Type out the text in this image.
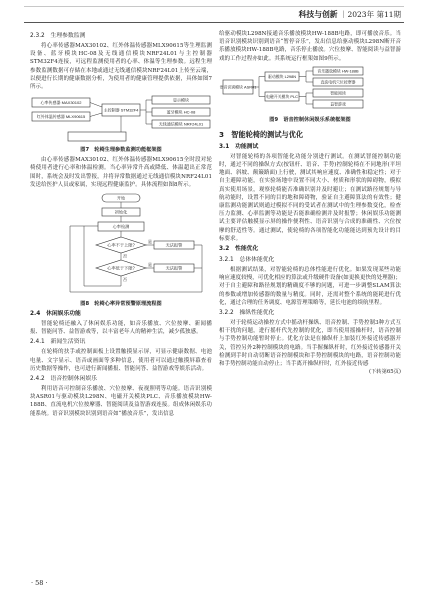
科技与创新 ｜2023年 第11期
2.3.2　生理参数监测

将心率传感器MAX30102、红外体温传感器MLX90615等生理监测设备、蓝牙模块HC-08及无线通信模块NRF24L01与主控制器STM32F4连接，可远程监测使用者的心率、体温等生理参数。远程生理参数监测数据可存储在本地或通过无线通信模块NRF24L01上传至云端，以便进行长期的健康数据分析，为使用者的健康管理提供依据，具体如图7所示。

心率传感器 MAX30102
红外体温传感器 MLX90615
主控制器 STM32F4
显示模块
蓝牙模块 HC-08
无线通信模块 NRF24L01
图7　轮椅生理参数监测功能框架图

由心率传感器MAX30102、红外体温传感器MLX90615全时段对轮椅使用者进行心率和体温检测。当心率异常升高或降低、体温超出正常范围时，系统会及时发出警报，并将异常数据通过无线通信模块NRF24L01发送给医护人员或家属，实现远程健康监护。具体流程如图8所示。

开始
初始化
心率检测
心率不于上限?	无法报警
心率低于下限?	无法报警
是
是
否
否
图8　轮椅心率异常预警原理流程图
2.4　休闲娱乐功能

智能轮椅还融入了休闲娱乐功能，如音乐播放、穴位按摩、新闻播报、智能问答、益智游戏等，以丰富老年人的精神生活，减少孤独感。

2.4.1　新闻生活资讯

在轮椅的扶手或控制面板上设置触摸显示屏，可显示健康数据、电池电量、文字显示、语音或画面等多种信息，使用者可以通过触摸屏幕查看历史数据等操作，也可进行新闻播报、智能问答、益智游戏等娱乐活动。

2.4.2　语音控制休闲娱乐

利用语音可控制音乐播放、穴位按摩、夜视照明等功能。语音识别模块ASR01与驱动模块L298N、电磁开关模块PLC、音乐播放模块HW-188B、直流电机穴位按摩器、智能阅读及益智游戏连接。组成休闲娱乐功能系统。语音识别模块识别到语音如“播放音乐”，发出信息

给驱动模块L298N接通音乐播放模块HW-188B电路，即可播放音乐。当语音识别模块识别到语音“暂停音乐”，发出信息给驱动模块L298N断开音乐播放模块HW-188B电路，音乐停止播放。穴位按摩、智能阅读与益智游戏的工作过程亦如此。其系统运行框架如图9所示。

语音识别模块 ASR01
驱动模块 L298N
电磁开关模块 PLC
音乐播放模块 HW-188B
直流电机穴位按摩器
智能阅读
益智游戏
图9　语音控制休闲娱乐系统框架图
3　智能轮椅的测试与优化
3.1　功能测试

对智能轮椅的各项智能化功能分别进行测试。在测试智能控制功能时，通过不同的操纵方式(按钮杆、语音、手势)控制轮椅在不同地形(平坦地面、斜坡、颠簸路面)上行驶，测试其响应速度、准确性和稳定性；对于自主避障功能，在实验场地中设置不同大小、材质和形状的障碍物，模拟真实使用场景，观察轮椅能否准确识别并及时避让；在测试路径规划与导航功能时，设置不同的目的地和障碍物，验证自主避障算法的有效性；健康监测功能测试则通过模拟不同的受试者在测试中的生理参数变化，检查压力监测、心率监测等功能是否能准确检测并及时报警；休闲娱乐功能测试主要评估触摸显示屏的操作便利性、语音识别与合成的准确性、穴位按摩的舒适性等。通过测试，使轮椅的各项智能化功能能达到预先设计的目标要求。

3.2　性能优化
3.2.1　总体体能优化

根据测试结果，对智能轮椅的总体性能进行优化。如果发现某些功能响应速度较慢，可优化相应的算法或升级硬件设备(如更换更快的处理器)；对于自主避障和路径规划的精确度不够的问题，可进一步调整SLAM算法的参数或增加传感器的数量与精度。同时，还需对整个系统的能耗进行优化，通过合理的任务调度、电源管理策略等，延长电池的续航里程。

3.2.2　操纵性能优化

对于轮椅运动操控方式中摇动杆操纵、语音控制、手势控制3种方式互相干扰的问题，进行摇杆代先控制的优化，即当使用摇操杆时，语音控制与手势控制功能暂时停止。优化方法是在操纵杆上加装红外接近传感器开关，管控另外2种控制模块的电路。当手握操纵杆时，红外接近传感器开关检测到手时自动切断语音控制模块和手势控制模块的电路，语音控制功能和手势控制功能自动停止；当手离开操纵杆时，红外接近传感

(下转第65页)
· 58 ·
